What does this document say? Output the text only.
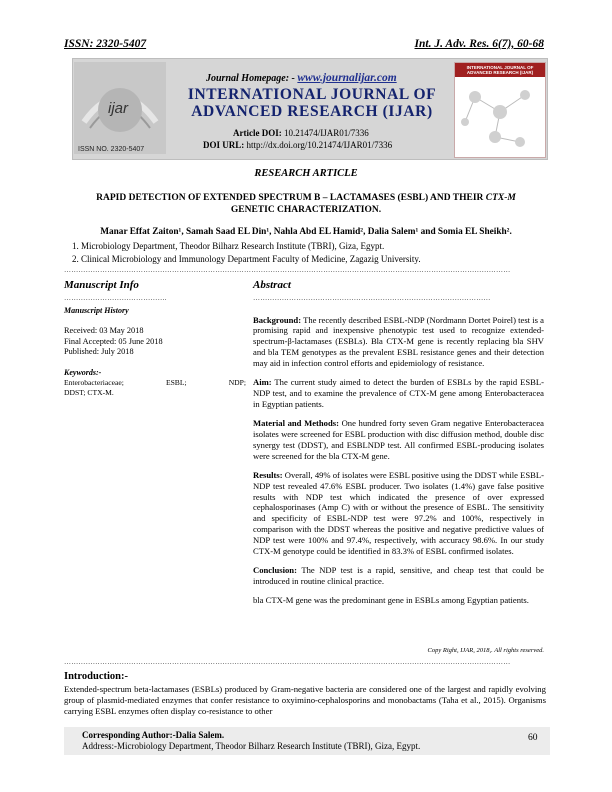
ISSN: 2320-5407	Int. J. Adv. Res. 6(7), 60-68
ijar
ISSN NO. 2320-5407
INTERNATIONAL JOURNAL OF ADVANCED RESEARCH (IJAR)
Journal Homepage: - www.journalijar.com
INTERNATIONAL JOURNAL OF
ADVANCED RESEARCH (IJAR)
Article DOI: 10.21474/IJAR01/7336
DOI URL: http://dx.doi.org/10.21474/IJAR01/7336
RESEARCH ARTICLE
RAPID DETECTION OF EXTENDED SPECTRUM B – LACTAMASES (ESBL) AND THEIR CTX-M
GENETIC CHARACTERIZATION.
Manar Effat Zaiton¹, Samah Saad EL Din¹, Nahla Abd EL Hamid², Dalia Salem¹ and Somia EL Sheikh².
1. Microbiology Department, Theodor Bilharz Research Institute (TBRI), Giza, Egypt.
2. Clinical Microbiology and Immunology Department Faculty of Medicine, Zagazig University.
……………………………………………………………………………………………………………………………………………………………………
Manuscript Info
…………………………………….
Manuscript History
Received: 03 May 2018
Final Accepted: 05 June 2018
Published: July 2018
Keywords:-
Enterobacteriaceae;	ESBL;	NDP;
DDST; CTX-M.
Abstract
………………………………………………………………………………………

Background: The recently described ESBL-NDP (Nordmann Dortet Poirel) test is a promising rapid and inexpensive phenotypic test used to recognize extended-spectrum-β-lactamases (ESBLs). Bla CTX-M gene is recently replacing bla SHV and bla TEM genotypes as the prevalent ESBL resistance genes and their detection may aid in infection control efforts and epidemiology of resistance.

Aim: The current study aimed to detect the burden of ESBLs by the rapid ESBL-NDP test, and to examine the prevalence of CTX-M gene among Enterobacteracea in Egyptian patients.

Material and Methods: One hundred forty seven Gram negative Enterobacteracea isolates were screened for ESBL production with disc diffusion method, double disc synergy test (DDST), and ESBLNDP test. All confirmed ESBL-producing isolates were screened for the bla CTX-M gene.

Results: Overall, 49% of isolates were ESBL positive using the DDST while ESBL-NDP test revealed 47.6% ESBL producer. Two isolates (1.4%) gave false positive results with NDP test which indicated the presence of over expressed cephalosporinases (Amp C) with or without the presence of ESBL. The sensitivity and specificity of ESBL-NDP test were 97.2% and 100%, respectively in comparison with the DDST whereas the positive and negative predictive values of NDP test were 100% and 97.4%, respectively, with accuracy 98.6%. In our study CTX-M genotype could be identified in 83.3% of ESBL confirmed isolates.

Conclusion: The NDP test is a rapid, sensitive, and cheap test that could be introduced in routine clinical practice.

bla CTX-M gene was the predominant gene in ESBLs among Egyptian patients.

Copy Right, IJAR, 2018,. All rights reserved.
……………………………………………………………………………………………………………………………………………………………………
Introduction:-
Extended-spectrum beta-lactamases (ESBLs) produced by Gram-negative bacteria are considered one of the largest and rapidly evolving group of plasmid-mediated enzymes that confer resistance to oxyimino-cephalosporins and monobactams (Taha et al., 2015). Organisms carrying ESBL enzymes often display co-resistance to other
Corresponding Author:-Dalia Salem.
Address:-Microbiology Department, Theodor Bilharz Research Institute (TBRI), Giza, Egypt.
60
